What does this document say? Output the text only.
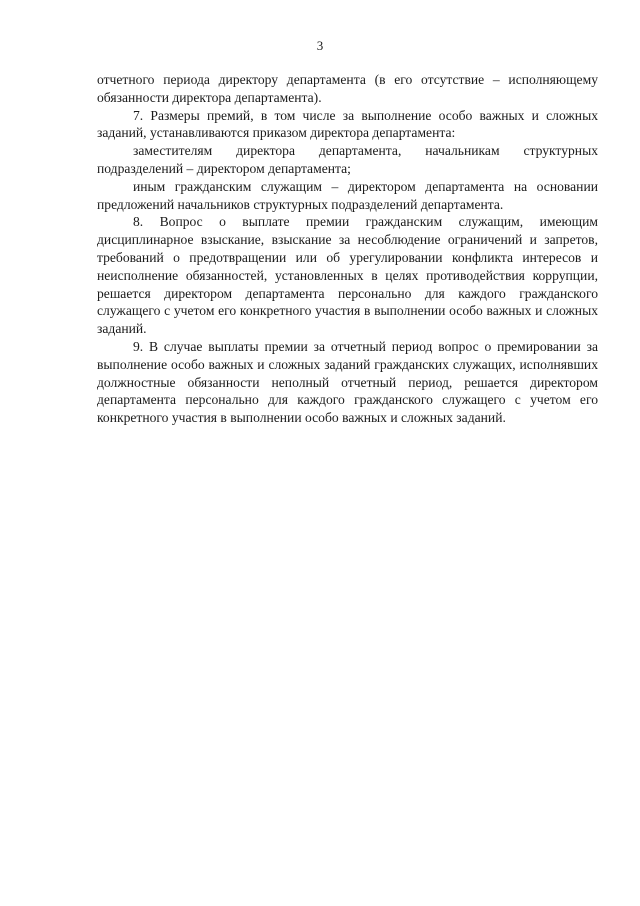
3

отчетного периода директору департамента (в его отсутствие – исполняющему обязанности директора департамента).

7. Размеры премий, в том числе за выполнение особо важных и сложных заданий, устанавливаются приказом директора департамента:

заместителям директора департамента, начальникам структурных подразделений – директором департамента;

иным гражданским служащим – директором департамента на основании предложений начальников структурных подразделений департамента.

8. Вопрос о выплате премии гражданским служащим, имеющим дисциплинарное взыскание, взыскание за несоблюдение ограничений и запретов, требований о предотвращении или об урегулировании конфликта интересов и неисполнение обязанностей, установленных в целях противодействия коррупции, решается директором департамента персонально для каждого гражданского служащего с учетом его конкретного участия в выполнении особо важных и сложных заданий.

9. В случае выплаты премии за отчетный период вопрос о премировании за выполнение особо важных и сложных заданий гражданских служащих, исполнявших должностные обязанности неполный отчетный период, решается директором департамента персонально для каждого гражданского служащего с учетом его конкретного участия в выполнении особо важных и сложных заданий.
